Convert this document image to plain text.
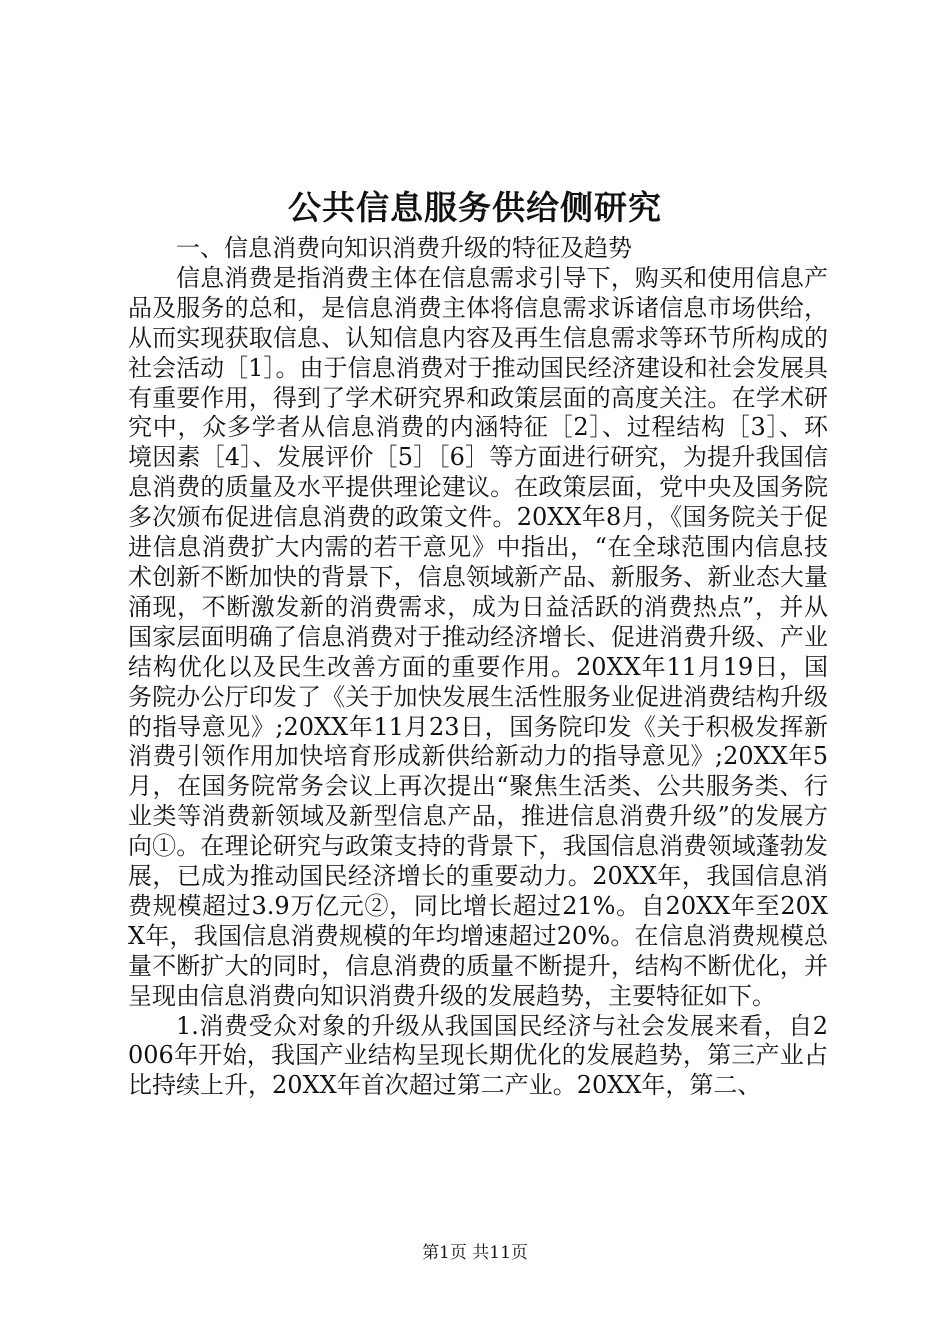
公共信息服务供给侧研究

一、信息消费向知识消费升级的特征及趋势

信息消费是指消费主体在信息需求引导下，购买和使用信息产品及服务的总和，是信息消费主体将信息需求诉诸信息市场供给，从而实现获取信息、认知信息内容及再生信息需求等环节所构成的社会活动［1］。由于信息消费对于推动国民经济建设和社会发展具有重要作用，得到了学术研究界和政策层面的高度关注。在学术研究中，众多学者从信息消费的内涵特征［2］、过程结构［3］、环境因素［4］、发展评价［5］［6］等方面进行研究，为提升我国信息消费的质量及水平提供理论建议。在政策层面，党中央及国务院多次颁布促进信息消费的政策文件。20XX年8月，《国务院关于促进信息消费扩大内需的若干意见》中指出，“在全球范围内信息技术创新不断加快的背景下，信息领域新产品、新服务、新业态大量涌现，不断激发新的消费需求，成为日益活跃的消费热点”，并从国家层面明确了信息消费对于推动经济增长、促进消费升级、产业结构优化以及民生改善方面的重要作用。20XX年11月19日，国务院办公厅印发了《关于加快发展生活性服务业促进消费结构升级的指导意见》;20XX年11月23日，国务院印发《关于积极发挥新消费引领作用加快培育形成新供给新动力的指导意见》;20XX年5月，在国务院常务会议上再次提出“聚焦生活类、公共服务类、行业类等消费新领域及新型信息产品，推进信息消费升级”的发展方向①。在理论研究与政策支持的背景下，我国信息消费领域蓬勃发展，已成为推动国民经济增长的重要动力。20XX年，我国信息消费规模超过3.9万亿元②，同比增长超过21%。自20XX年至20XX年，我国信息消费规模的年均增速超过20%。在信息消费规模总量不断扩大的同时，信息消费的质量不断提升，结构不断优化，并呈现由信息消费向知识消费升级的发展趋势，主要特征如下。

1.消费受众对象的升级从我国国民经济与社会发展来看，自2006年开始，我国产业结构呈现长期优化的发展趋势，第三产业占比持续上升，20XX年首次超过第二产业。20XX年，第二、

第1页 共11页
